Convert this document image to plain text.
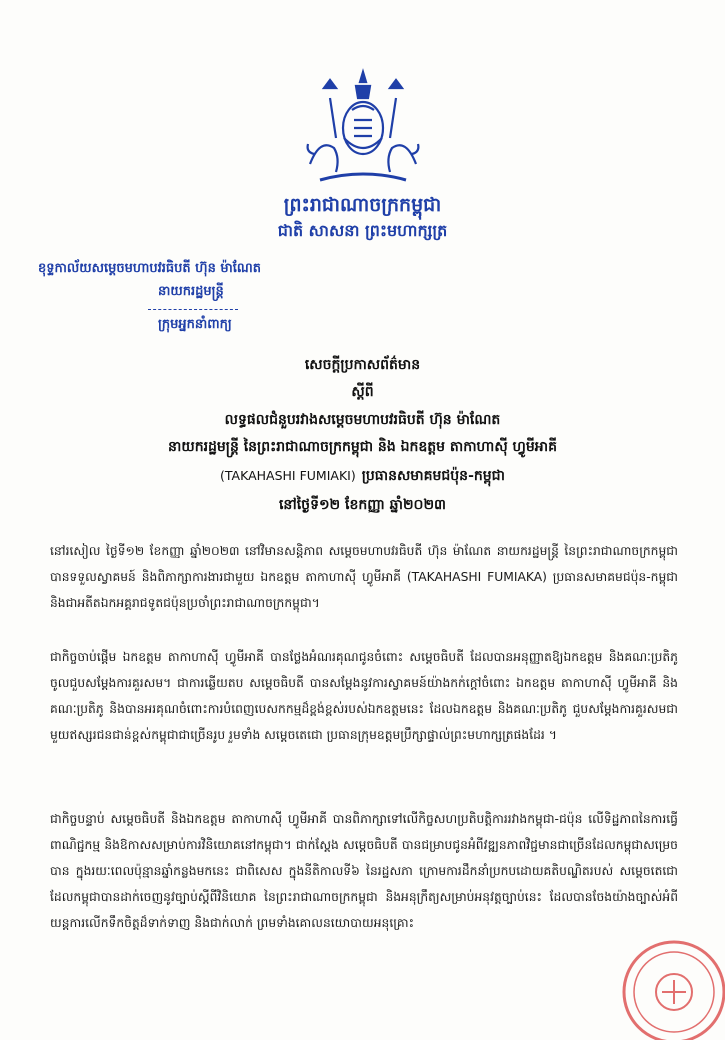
ព្រះរាជាណាចក្រកម្ពុជា
ជាតិ សាសនា ព្រះមហាក្សត្រ
ខុទ្ទកាល័យសម្ដេចមហាបវរធិបតី ហ៊ុន ម៉ាណែត
នាយករដ្ឋមន្ត្រី
ក្រុមអ្នកនាំពាក្យ
សេចក្តីប្រកាសព័ត៌មាន
ស្តីពី
លទ្ធផលជំនួបរវាងសម្ដេចមហាបវរធិបតី ហ៊ុន ម៉ាណែត
នាយករដ្ឋមន្ត្រី នៃព្រះរាជាណាចក្រកម្ពុជា និង ឯកឧត្តម តាកាហាស៊ី ហ្វូមីអាគី
(TAKAHASHI FUMIAKI) ប្រធានសមាគមជប៉ុន-កម្ពុជា
នៅថ្ងៃទី១២ ខែកញ្ញា ឆ្នាំ២០២៣
នៅរសៀល ថ្ងៃទី១២ ខែកញ្ញា ឆ្នាំ២០២៣ នៅវិមានសន្តិភាព សម្ដេចមហាបវរធិបតី ហ៊ុន ម៉ាណែត នាយករដ្ឋមន្ត្រី នៃព្រះរាជាណាចក្រកម្ពុជា បានទទួលស្វាគមន៍ និងពិភាក្សាការងារជាមួយ ឯកឧត្តម តាកាហាស៊ី ហ្វូមីអាគី (TAKAHASHI FUMIAKA) ប្រធានសមាគមជប៉ុន-កម្ពុជា និងជាអតីតឯកអគ្គរាជទូតជប៉ុនប្រចាំព្រះរាជាណាចក្រកម្ពុជា។
ជាកិច្ចចាប់ផ្តើម ឯកឧត្តម តាកាហាស៊ី ហ្វូមីអាគី បានថ្លែងអំណរគុណជូនចំពោះ សម្ដេចធិបតី ដែលបានអនុញ្ញាតឱ្យឯកឧត្តម និងគណៈប្រតិភូចូលជួបសម្តែងការគួរសម។ ជាការឆ្លើយតប សម្ដេចធិបតី បានសម្តែងនូវការស្វាគមន៍យ៉ាងកក់ក្តៅចំពោះ ឯកឧត្តម តាកាហាស៊ី ហ្វូមីអាគី និងគណៈប្រតិភូ និងបានអរគុណចំពោះការបំពេញបេសកកម្មដ៏ខ្ពង់ខ្ពស់របស់ឯកឧត្តមនេះ ដែលឯកឧត្តម និងគណៈប្រតិភូ ជួបសម្តែងការគួរសមជាមួយឥស្សរជនជាន់ខ្ពស់កម្ពុជាជាច្រើនរូប រួមទាំង សម្ដេចតេជោ ប្រធានក្រុមឧត្តមប្រឹក្សាផ្ទាល់ព្រះមហាក្សត្រផងដែរ ។
ជាកិច្ចបន្ទាប់ សម្ដេចធិបតី និងឯកឧត្តម តាកាហាស៊ី ហ្វូមីអាគី បានពិភាក្សាទៅលើកិច្ចសហប្រតិបត្តិការរវាងកម្ពុជា-ជប៉ុន លើទិដ្ឋភាពនៃការធ្វើពាណិជ្ជកម្ម និងឱកាសសម្រាប់ការវិនិយោគនៅកម្ពុជា។ ជាក់ស្តែង សម្ដេចធិបតី បានជម្រាបជូនអំពីវឌ្ឍនភាពវិជ្ជមានជាច្រើនដែលកម្ពុជាសម្រេចបាន ក្នុងរយៈពេលប៉ុន្មានឆ្នាំកន្លងមកនេះ ជាពិសេស ក្នុងនីតិកាលទី៦ នៃរដ្ឋសភា ក្រោមការដឹកនាំប្រកបដោយគតិបណ្ឌិតរបស់ សម្ដេចតេជោ ដែលកម្ពុជាបានដាក់ចេញនូវច្បាប់ស្តីពីវិនិយោគ នៃព្រះរាជាណាចក្រកម្ពុជា និងអនុក្រឹត្យសម្រាប់អនុវត្តច្បាប់នេះ ដែលបានចែងយ៉ាងច្បាស់អំពីយន្តការលើកទឹកចិត្តដ៏ទាក់ទាញ និងជាក់លាក់ ព្រមទាំងគោលនយោបាយអនុគ្រោះ
